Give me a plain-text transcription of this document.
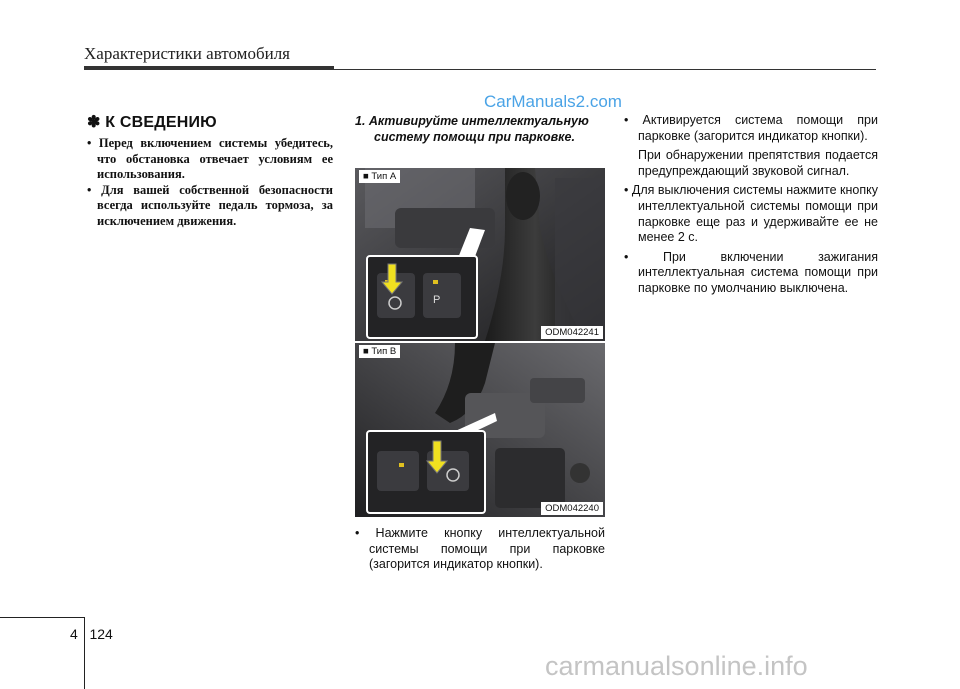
Характеристики автомобиля
CarManuals2.com
✽ К СВЕДЕНИЮ

• Перед включением системы убедитесь, что обстановка отвечает условиям ее использования.

• Для вашей собственной безопасности всегда используйте педаль тормоза, за исключением движения.

1. Активируйте интеллектуальную систему помощи при парковке.

P
■ Тип A
ODM042241
■ Тип B
ODM042240

• Нажмите кнопку интеллектуальной системы помощи при парковке (загорится индикатор кнопки).

• Активируется система помощи при парковке (загорится индикатор кнопки).

При обнаружении препятствия подается предупреждающий звуковой сигнал.

• Для выключения системы нажмите кнопку интеллектуальной системы помощи при парковке еще раз и удерживайте ее не менее 2 с.

• При включении зажигания интеллектуальная система помощи при парковке по умолчанию выключена.

4 124
carmanualsonline.info
